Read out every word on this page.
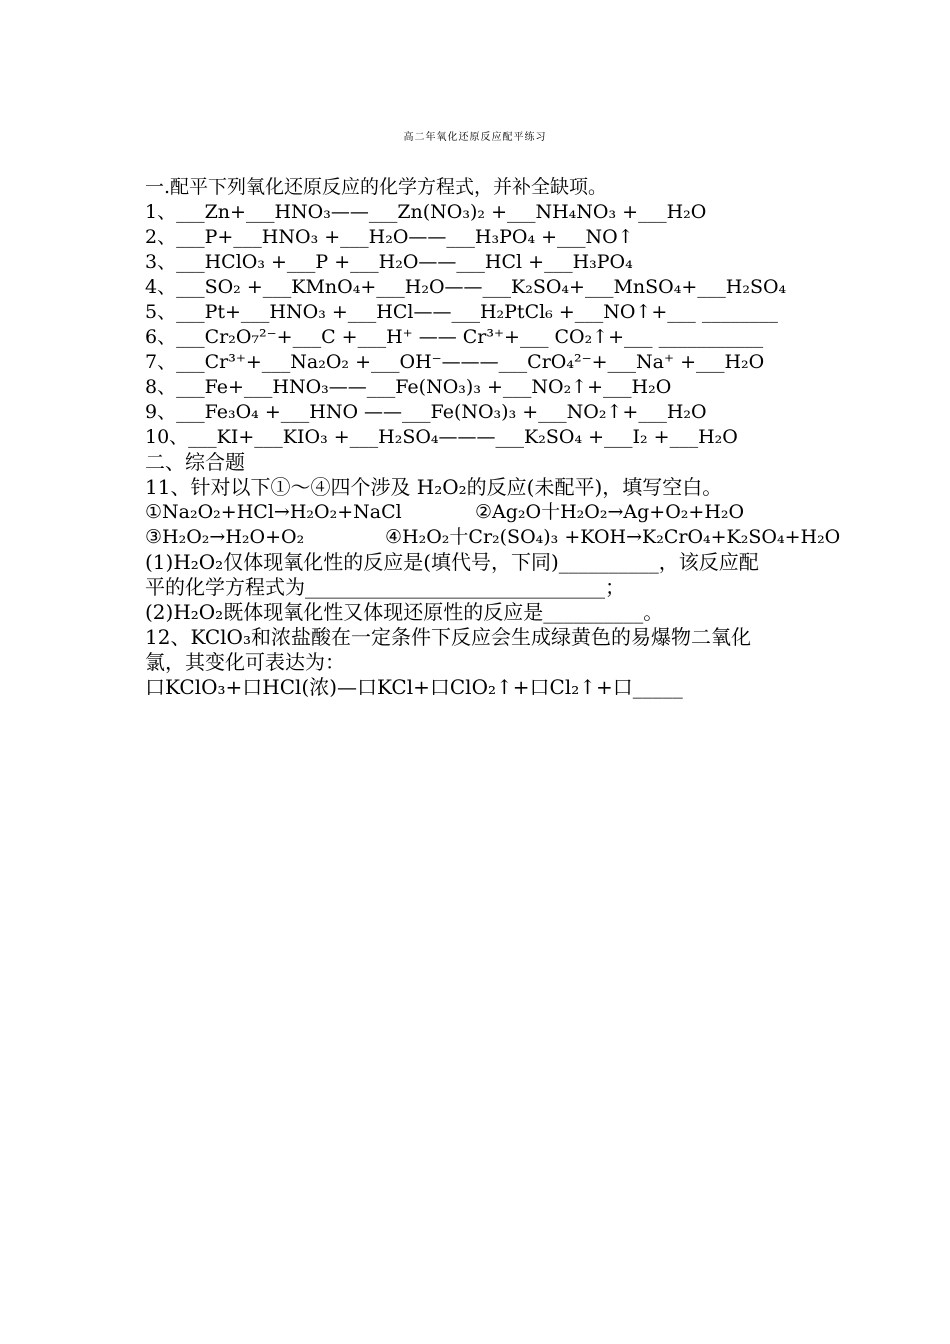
高二年氧化还原反应配平练习
一.配平下列氧化还原反应的化学方程式，并补全缺项。
1、___Zn+___HNO₃——___Zn(NO₃)₂ +___NH₄NO₃ +___H₂O
2、___P+___HNO₃ +___H₂O——___H₃PO₄ +___NO↑
3、___HClO₃ +___P +___H₂O——___HCl +___H₃PO₄
4、___SO₂ +___KMnO₄+___H₂O——___K₂SO₄+___MnSO₄+___H₂SO₄
5、___Pt+___HNO₃ +___HCl——___H₂PtCl₆ +___NO↑+___ ________
6、___Cr₂O₇²⁻+___C +___H⁺ —— Cr³⁺+___ CO₂↑+___ ___________
7、___Cr³⁺+___Na₂O₂ +___OH⁻———___CrO₄²⁻+___Na⁺ +___H₂O
8、___Fe+___HNO₃——___Fe(NO₃)₃ +___NO₂↑+___H₂O
9、___Fe₃O₄ +___HNO ——___Fe(NO₃)₃ +___NO₂↑+___H₂O
10、___KI+___KIO₃ +___H₂SO₄———___K₂SO₄ +___I₂ +___H₂O
二、综合题
11、针对以下①～④四个涉及 H₂O₂的反应(未配平)，填写空白。
①Na₂O₂+HCl→H₂O₂+NaCl	②Ag₂O十H₂O₂→Ag+O₂+H₂O
③H₂O₂→H₂O+O₂	④H₂O₂十Cr₂(SO₄)₃ +KOH→K₂CrO₄+K₂SO₄+H₂O
(1)H₂O₂仅体现氧化性的反应是(填代号，下同)__________，该反应配
平的化学方程式为______________________________；
(2)H₂O₂既体现氧化性又体现还原性的反应是__________。
12、KClO₃和浓盐酸在一定条件下反应会生成绿黄色的易爆物二氧化
氯，其变化可表达为：
口KClO₃+口HCl(浓)—口KCl+口ClO₂↑+口Cl₂↑+口_____
